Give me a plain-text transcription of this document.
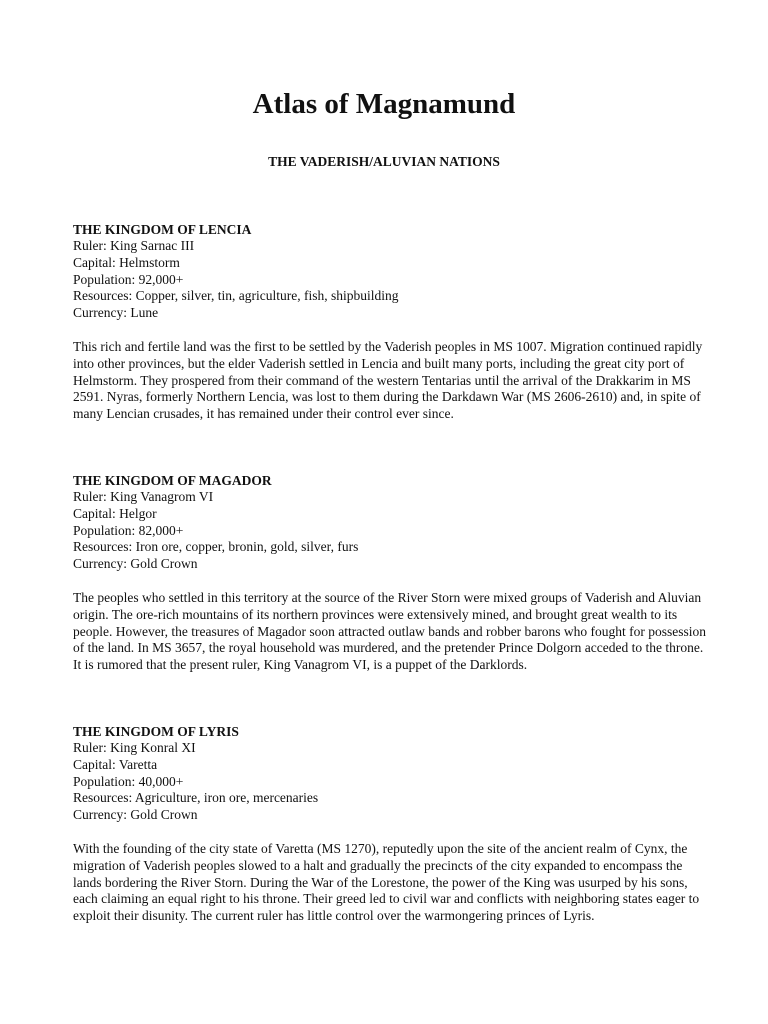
Atlas of Magnamund
THE VADERISH/ALUVIAN NATIONS
THE KINGDOM OF LENCIA

Ruler: King Sarnac III

Capital: Helmstorm

Population: 92,000+

Resources: Copper, silver, tin, agriculture, fish, shipbuilding

Currency: Lune

This rich and fertile land was the first to be settled by the Vaderish peoples in MS 1007. Migration continued rapidly into other provinces, but the elder Vaderish settled in Lencia and built many ports, including the great city port of Helmstorm. They prospered from their command of the western Tentarias until the arrival of the Drakkarim in MS 2591. Nyras, formerly Northern Lencia, was lost to them during the Darkdawn War (MS 2606-2610) and, in spite of many Lencian crusades, it has remained under their control ever since.

THE KINGDOM OF MAGADOR

Ruler: King Vanagrom VI

Capital: Helgor

Population: 82,000+

Resources: Iron ore, copper, bronin, gold, silver, furs

Currency: Gold Crown

The peoples who settled in this territory at the source of the River Storn were mixed groups of Vaderish and Aluvian origin. The ore-rich mountains of its northern provinces were extensively mined, and brought great wealth to its people. However, the treasures of Magador soon attracted outlaw bands and robber barons who fought for possession of the land. In MS 3657, the royal household was murdered, and the pretender Prince Dolgorn acceded to the throne. It is rumored that the present ruler, King Vanagrom VI, is a puppet of the Darklords.

THE KINGDOM OF LYRIS

Ruler: King Konral XI

Capital: Varetta

Population: 40,000+

Resources: Agriculture, iron ore, mercenaries

Currency: Gold Crown

With the founding of the city state of Varetta (MS 1270), reputedly upon the site of the ancient realm of Cynx, the migration of Vaderish peoples slowed to a halt and gradually the precincts of the city expanded to encompass the lands bordering the River Storn. During the War of the Lorestone, the power of the King was usurped by his sons, each claiming an equal right to his throne. Their greed led to civil war and conflicts with neighboring states eager to exploit their disunity. The current ruler has little control over the warmongering princes of Lyris.
